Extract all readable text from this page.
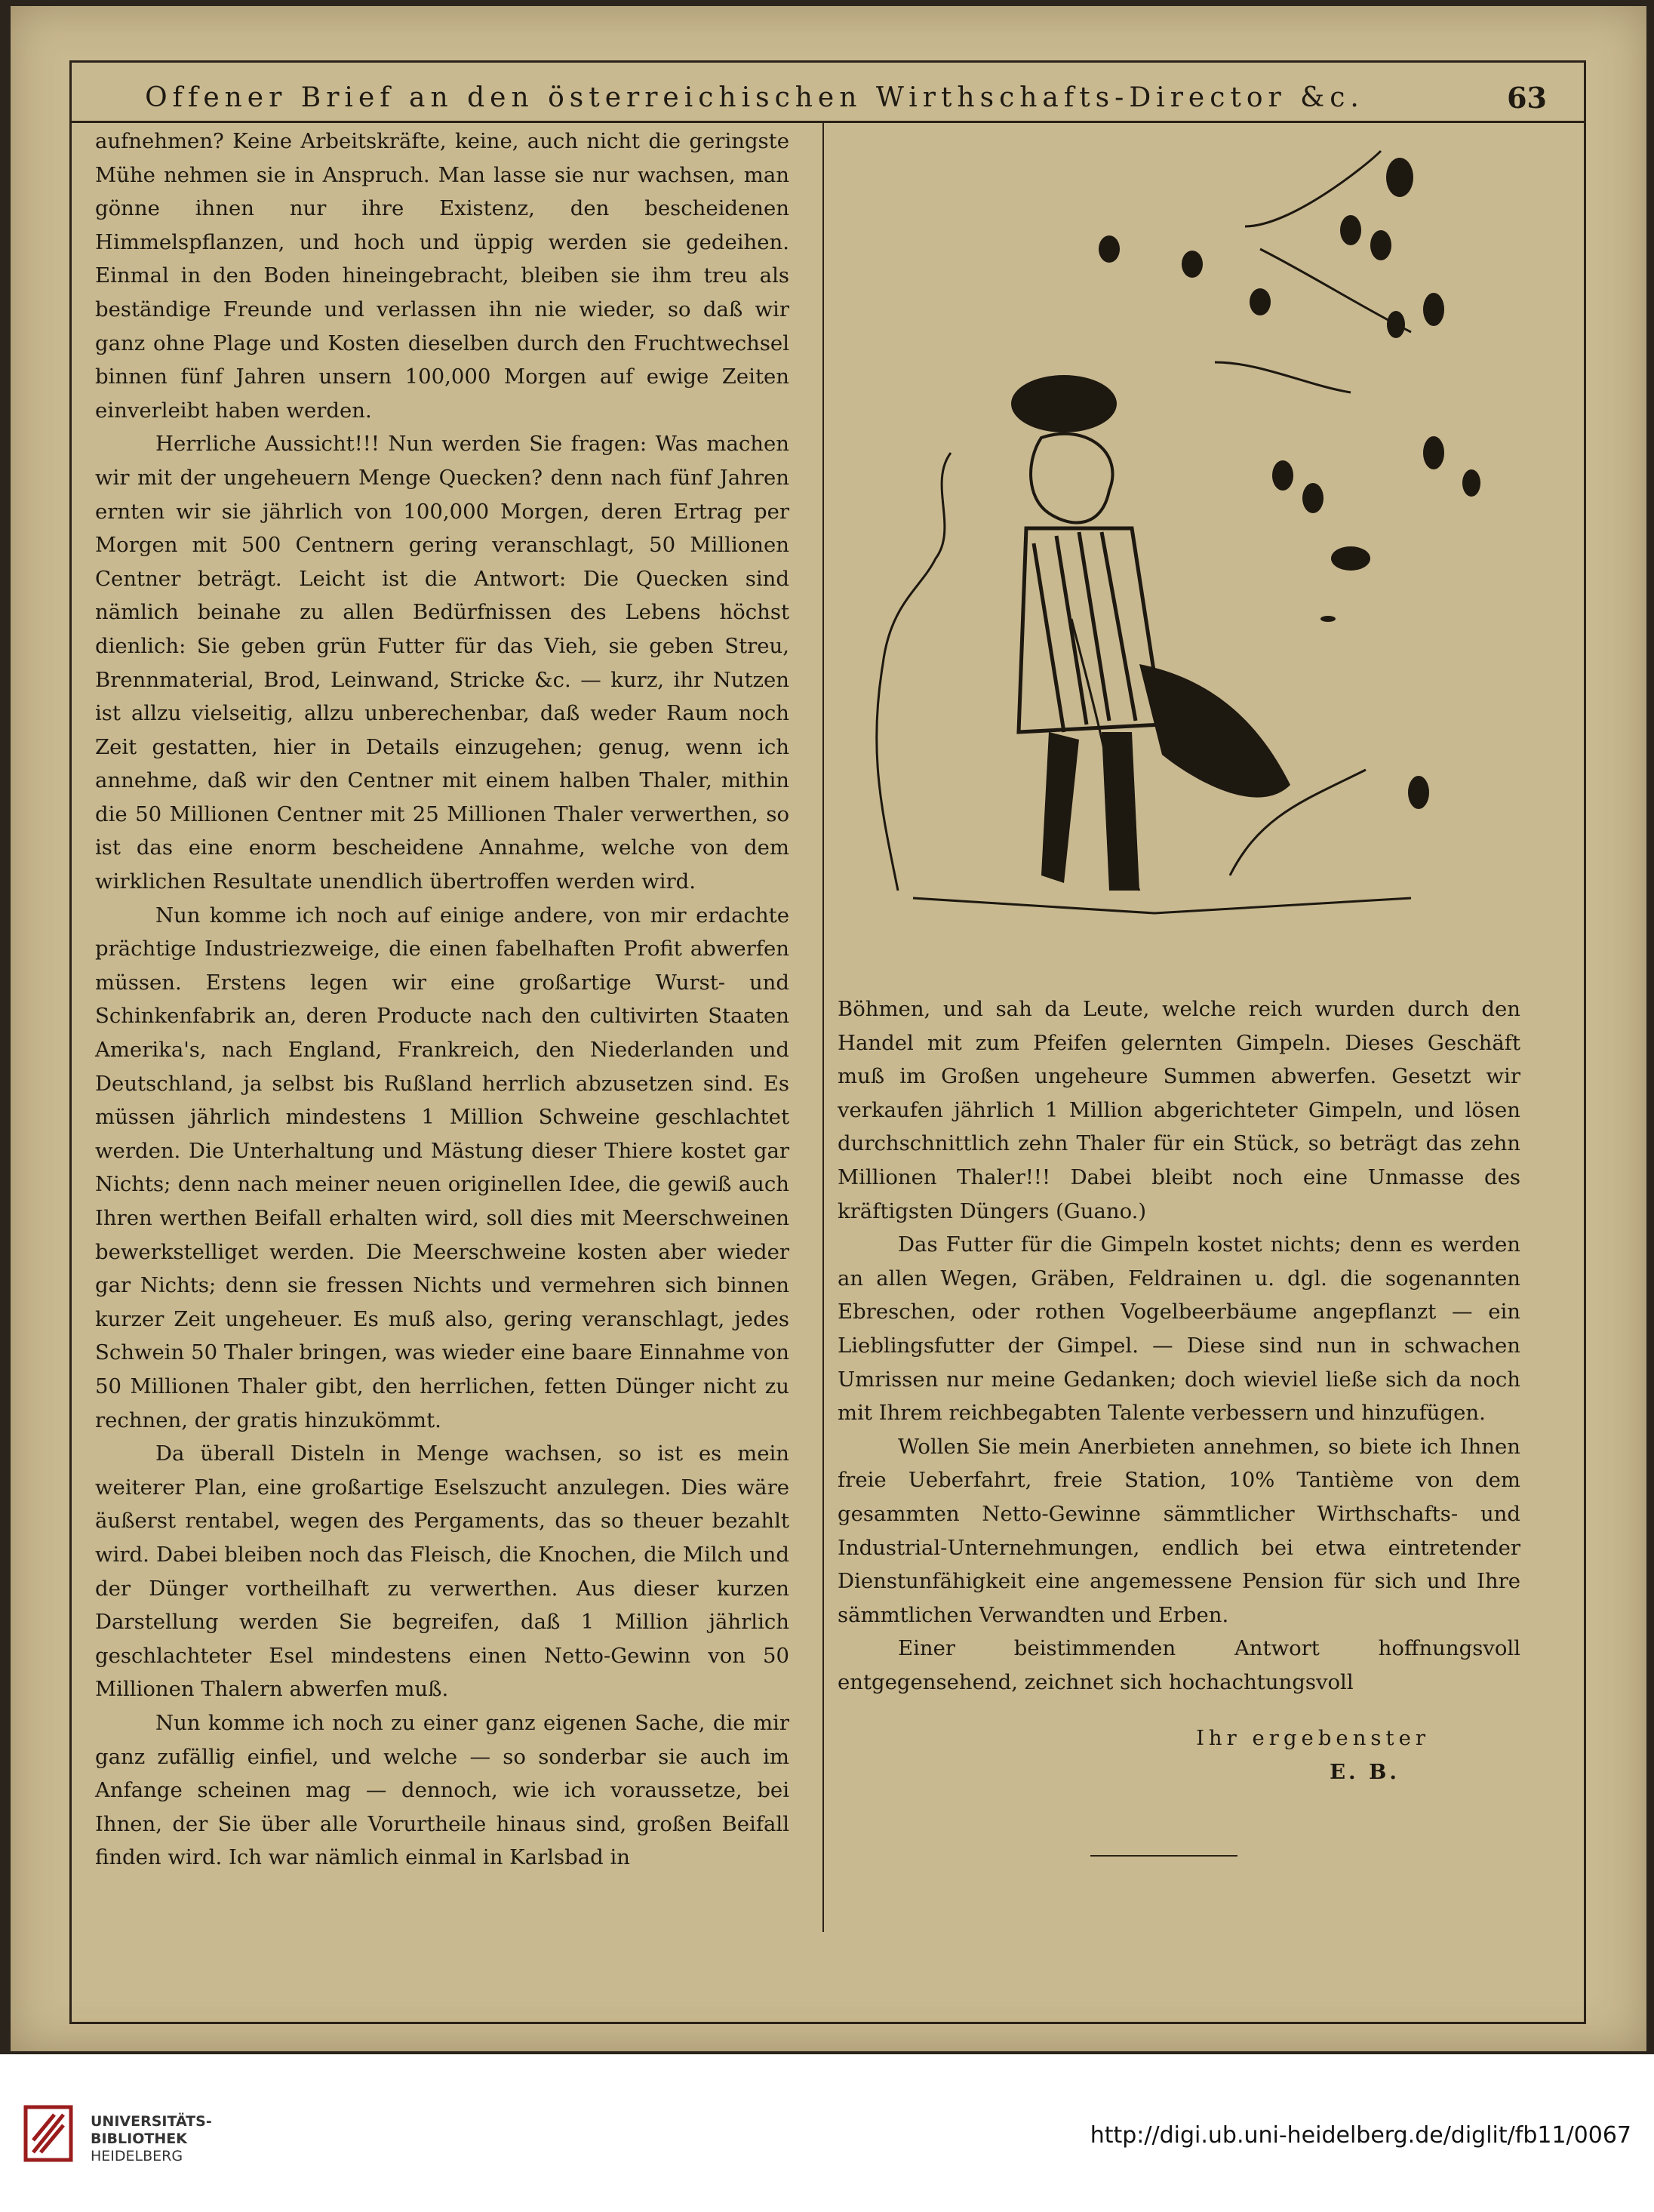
Offener Brief an den österreichischen Wirthschafts-Director &c.	63

aufnehmen? Keine Arbeitskräfte, keine, auch nicht die geringste Mühe nehmen sie in Anspruch. Man lasse sie nur wachsen, man gönne ihnen nur ihre Existenz, den bescheidenen Himmelspflanzen, und hoch und üppig werden sie gedeihen. Einmal in den Boden hineingebracht, bleiben sie ihm treu als beständige Freunde und verlassen ihn nie wieder, so daß wir ganz ohne Plage und Kosten dieselben durch den Fruchtwechsel binnen fünf Jahren unsern 100,000 Morgen auf ewige Zeiten einverleibt haben werden.

Herrliche Aussicht!!! Nun werden Sie fragen: Was machen wir mit der ungeheuern Menge Quecken? denn nach fünf Jahren ernten wir sie jährlich von 100,000 Morgen, deren Ertrag per Morgen mit 500 Centnern gering veranschlagt, 50 Millionen Centner beträgt. Leicht ist die Antwort: Die Quecken sind nämlich beinahe zu allen Bedürfnissen des Lebens höchst dienlich: Sie geben grün Futter für das Vieh, sie geben Streu, Brennmaterial, Brod, Leinwand, Stricke &c. — kurz, ihr Nutzen ist allzu vielseitig, allzu unberechenbar, daß weder Raum noch Zeit gestatten, hier in Details einzugehen; genug, wenn ich annehme, daß wir den Centner mit einem halben Thaler, mithin die 50 Millionen Centner mit 25 Millionen Thaler verwerthen, so ist das eine enorm bescheidene Annahme, welche von dem wirklichen Resultate unendlich übertroffen werden wird.

Nun komme ich noch auf einige andere, von mir erdachte prächtige Industriezweige, die einen fabelhaften Profit abwerfen müssen. Erstens legen wir eine großartige Wurst- und Schinkenfabrik an, deren Producte nach den cultivirten Staaten Amerika's, nach England, Frankreich, den Niederlanden und Deutschland, ja selbst bis Rußland herrlich abzusetzen sind. Es müssen jährlich mindestens 1 Million Schweine geschlachtet werden. Die Unterhaltung und Mästung dieser Thiere kostet gar Nichts; denn nach meiner neuen originellen Idee, die gewiß auch Ihren werthen Beifall erhalten wird, soll dies mit Meerschweinen bewerkstelliget werden. Die Meerschweine kosten aber wieder gar Nichts; denn sie fressen Nichts und vermehren sich binnen kurzer Zeit ungeheuer. Es muß also, gering veranschlagt, jedes Schwein 50 Thaler bringen, was wieder eine baare Einnahme von 50 Millionen Thaler gibt, den herrlichen, fetten Dünger nicht zu rechnen, der gratis hinzukömmt.

Da überall Disteln in Menge wachsen, so ist es mein weiterer Plan, eine großartige Eselszucht anzulegen. Dies wäre äußerst rentabel, wegen des Pergaments, das so theuer bezahlt wird. Dabei bleiben noch das Fleisch, die Knochen, die Milch und der Dünger vortheilhaft zu verwerthen. Aus dieser kurzen Darstellung werden Sie begreifen, daß 1 Million jährlich geschlachteter Esel mindestens einen Netto-Gewinn von 50 Millionen Thalern abwerfen muß.

Nun komme ich noch zu einer ganz eigenen Sache, die mir ganz zufällig einfiel, und welche — so sonderbar sie auch im Anfange scheinen mag — dennoch, wie ich voraussetze, bei Ihnen, der Sie über alle Vorurtheile hinaus sind, großen Beifall finden wird. Ich war nämlich einmal in Karlsbad in

Böhmen, und sah da Leute, welche reich wurden durch den Handel mit zum Pfeifen gelernten Gimpeln. Dieses Geschäft muß im Großen ungeheure Summen abwerfen. Gesetzt wir verkaufen jährlich 1 Million abgerichteter Gimpeln, und lösen durchschnittlich zehn Thaler für ein Stück, so beträgt das zehn Millionen Thaler!!! Dabei bleibt noch eine Unmasse des kräftigsten Düngers (Guano.)

Das Futter für die Gimpeln kostet nichts; denn es werden an allen Wegen, Gräben, Feldrainen u. dgl. die sogenannten Ebreschen, oder rothen Vogelbeerbäume angepflanzt — ein Lieblingsfutter der Gimpel. — Diese sind nun in schwachen Umrissen nur meine Gedanken; doch wieviel ließe sich da noch mit Ihrem reichbegabten Talente verbessern und hinzufügen.

Wollen Sie mein Anerbieten annehmen, so biete ich Ihnen freie Ueberfahrt, freie Station, 10% Tantième von dem gesammten Netto-Gewinne sämmtlicher Wirthschafts- und Industrial-Unternehmungen, endlich bei etwa eintretender Dienstunfähigkeit eine angemessene Pension für sich und Ihre sämmtlichen Verwandten und Erben.

Einer beistimmenden Antwort hoffnungsvoll entgegensehend, zeichnet sich hochachtungsvoll

Ihr ergebenster

E. B.

UNIVERSITÄTS-
BIBLIOTHEK
HEIDELBERG
http://digi.ub.uni-heidelberg.de/diglit/fb11/0067
